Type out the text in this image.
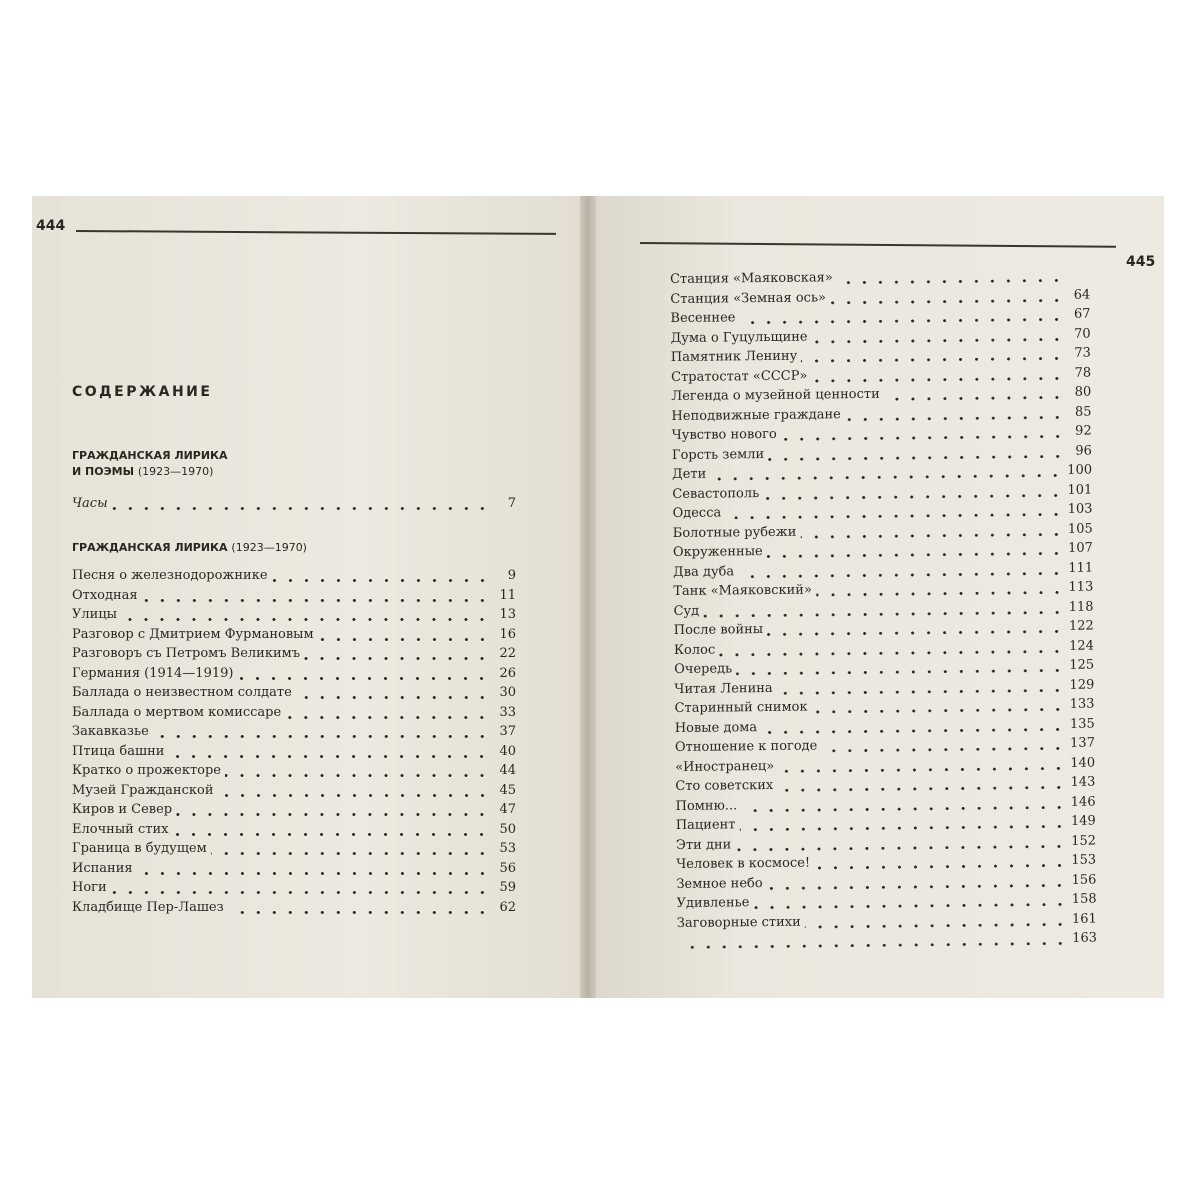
444
СОДЕРЖАНИЕ
ГРАЖДАНСКАЯ ЛИРИКА
И ПОЭМЫ (1923—1970)
Часы	7
ГРАЖДАНСКАЯ ЛИРИКА (1923—1970)
Песня о железнодорожнике	9
Отходная	11
Улицы	13
Разговор с Дмитрием Фурмановым	16
Разговоръ съ Петромъ Великимъ	22
Германия (1914—1919)	26
Баллада о неизвестном солдате	30
Баллада о мертвом комиссаре	33
Закавказье	37
Птица башни	40
Кратко о прожекторе	44
Музей Гражданской	45
Киров и Север	47
Елочный стих	50
Граница в будущем	53
Испания	56
Ноги	59
Кладбище Пер-Лашез	62
445
Станция «Маяковская»
Станция «Земная ось»	64
Весеннее	67
Дума о Гуцульщине	70
Памятник Ленину	73
Стратостат «СССР»	78
Легенда о музейной ценности	80
Неподвижные граждане	85
Чувство нового	92
Горсть земли	96
Дети	100
Севастополь	101
Одесса	103
Болотные рубежи	105
Окруженные	107
Два дуба	111
Танк «Маяковский»	113
Суд	118
После войны	122
Колос	124
Очередь	125
Читая Ленина	129
Старинный снимок	133
Новые дома	135
Отношение к погоде	137
«Иностранец»	140
Сто советских	143
Помню...	146
Пациент	149
Эти дни	152
Человек в космосе!	153
Земное небо	156
Удивленье	158
Заговорные стихи	161
163
